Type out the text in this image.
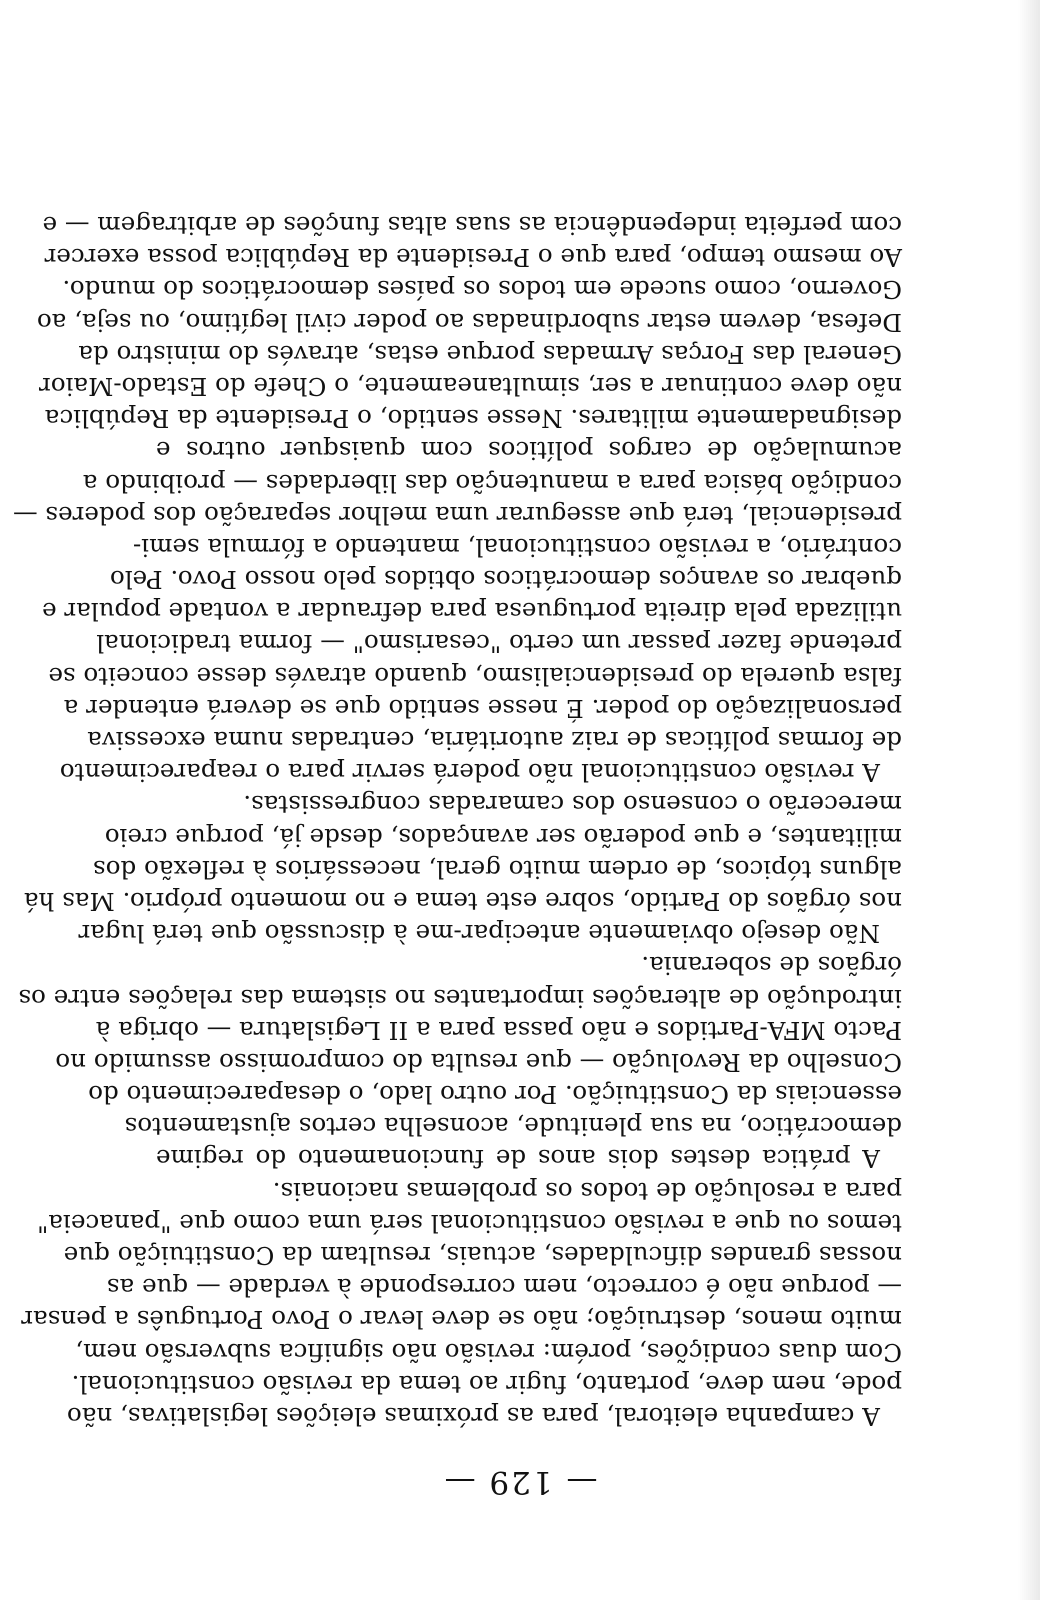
A campanha eleitoral, para as próximas eleições legislativas, não
pode, nem deve, portanto, fugir ao tema da revisão constitucional.
Com duas condições, porém: revisão não significa subversão nem,
muito menos, destruição; não se deve levar o Povo Português a pensar
— porque não é correcto, nem corresponde à verdade — que as
nossas grandes dificuldades, actuais, resultam da Constituição que
temos ou que a revisão constitucional será uma como que "panaceia"
para a resolução de todos os problemas nacionais.
A prática destes dois anos de funcionamento do regime
democrático, na sua plenitude, aconselha certos ajustamentos
essenciais da Constituição. Por outro lado, o desaparecimento do
Conselho da Revolução — que resulta do compromisso assumido no
Pacto MFA-Partidos e não passa para a II Legislatura — obriga à
introdução de alterações importantes no sistema das relações entre os
órgãos de soberania.
Não desejo obviamente antecipar-me à discussão que terá lugar
nos órgãos do Partido, sobre este tema e no momento próprio. Mas há
alguns tópicos, de ordem muito geral, necessários à reflexão dos
militantes, e que poderão ser avançados, desde já, porque creio
merecerão o consenso dos camaradas congressistas.
A revisão constitucional não poderá servir para o reaparecimento
de formas políticas de raiz autoritária, centradas numa excessiva
personalização do poder. É nesse sentido que se deverá entender a
falsa querela do presidencialismo, quando através desse conceito se
pretende fazer passar um certo "cesarismo" — forma tradicional
utilizada pela direita portuguesa para defraudar a vontade popular e
quebrar os avanços democráticos obtidos pelo nosso Povo. Pelo
contrário, a revisão constitucional, mantendo a fórmula semi-
presidencial, terá que assegurar uma melhor separação dos poderes —
condição básica para a manutenção das liberdades — proibindo a
acumulação de cargos políticos com quaisquer outros e
designadamente militares. Nesse sentido, o Presidente da República
não deve continuar a ser, simultaneamente, o Chefe do Estado-Maior
General das Forças Armadas porque estas, através do ministro da
Defesa, devem estar subordinadas ao poder civil legítimo, ou seja, ao
Governo, como sucede em todos os países democráticos do mundo.
Ao mesmo tempo, para que o Presidente da República possa exercer
com perfeita independência as suas altas funções de arbitragem — e
— 129 —
